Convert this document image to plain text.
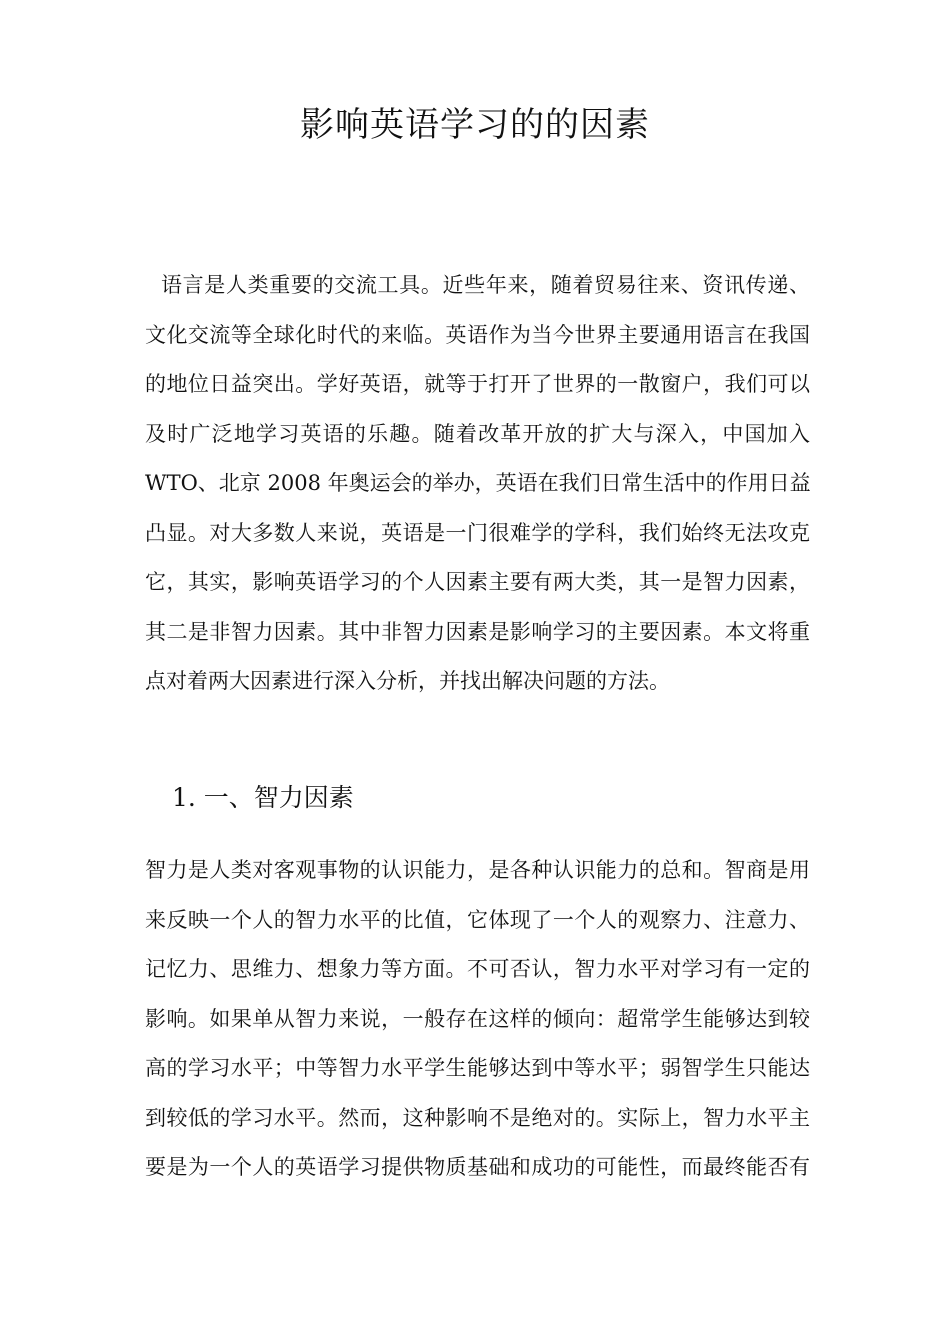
影响英语学习的的因素
语言是人类重要的交流工具。近些年来，随着贸易往来、资讯传递、
文化交流等全球化时代的来临。英语作为当今世界主要通用语言在我国
的地位日益突出。学好英语，就等于打开了世界的一散窗户，我们可以
及时广泛地学习英语的乐趣。随着改革开放的扩大与深入，中国加入
WTO、北京 2008 年奥运会的举办，英语在我们日常生活中的作用日益
凸显。对大多数人来说，英语是一门很难学的学科，我们始终无法攻克
它，其实，影响英语学习的个人因素主要有两大类，其一是智力因素，
其二是非智力因素。其中非智力因素是影响学习的主要因素。本文将重
点对着两大因素进行深入分析，并找出解决问题的方法。
1. 一、智力因素
智力是人类对客观事物的认识能力，是各种认识能力的总和。智商是用
来反映一个人的智力水平的比值，它体现了一个人的观察力、注意力、
记忆力、思维力、想象力等方面。不可否认，智力水平对学习有一定的
影响。如果单从智力来说，一般存在这样的倾向：超常学生能够达到较
高的学习水平；中等智力水平学生能够达到中等水平；弱智学生只能达
到较低的学习水平。然而，这种影响不是绝对的。实际上，智力水平主
要是为一个人的英语学习提供物质基础和成功的可能性，而最终能否有
